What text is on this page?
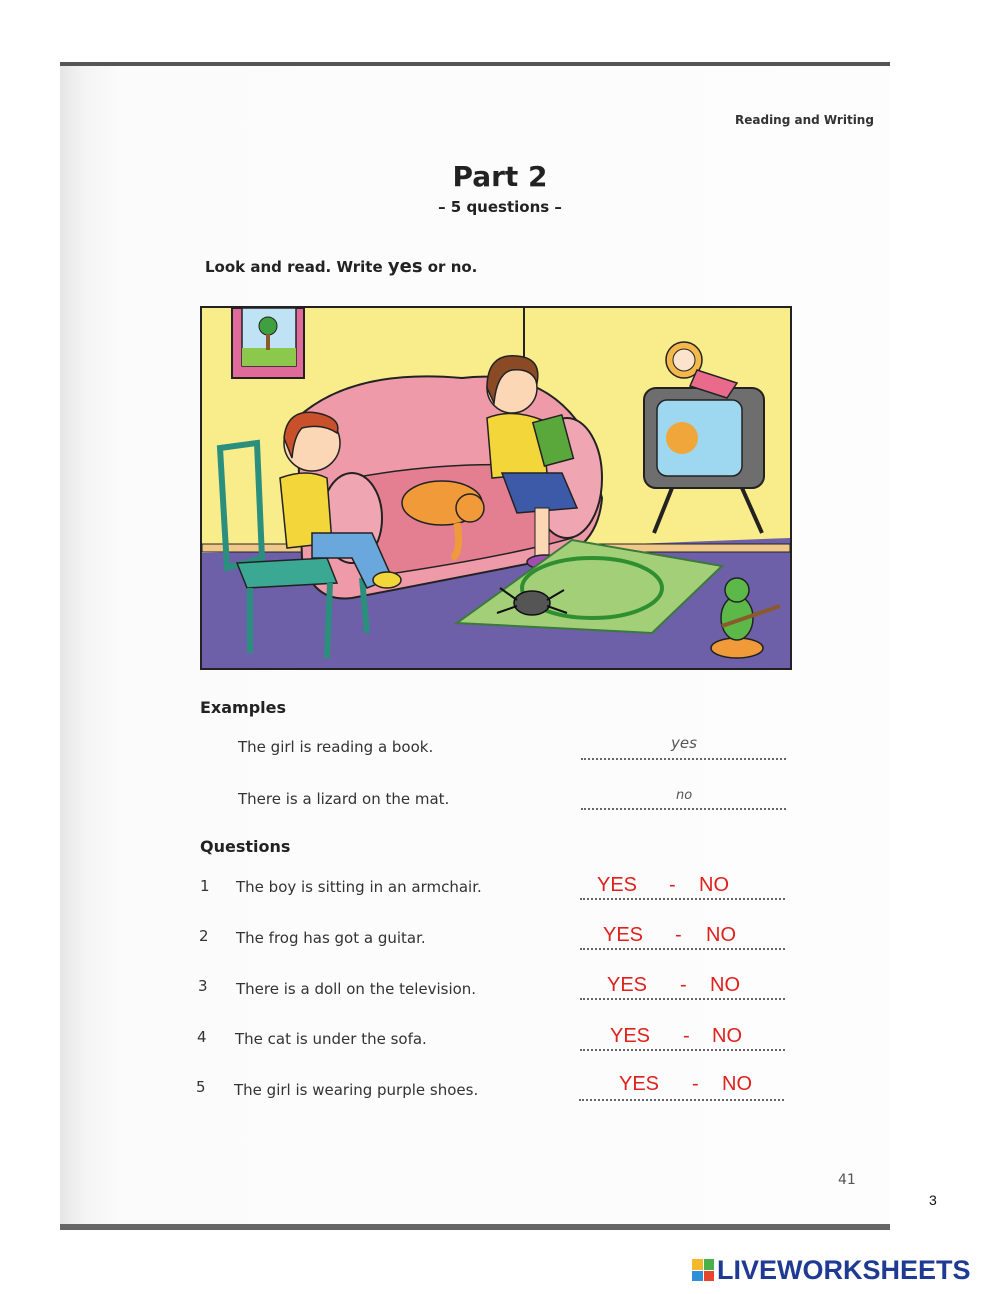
Reading and Writing
Part 2
– 5 questions –
Look and read. Write yes or no.
Examples
The girl is reading a book.	yes
There is a lizard on the mat.	no
Questions
1 The boy is sitting in an armchair.	YES - NO
2 The frog has got a guitar.	YES - NO
3 There is a doll on the television.	YES - NO
4 The cat is under the sofa.	YES - NO
5 The girl is wearing purple shoes.	YES - NO
41
3
LIVEWORKSHEETS
